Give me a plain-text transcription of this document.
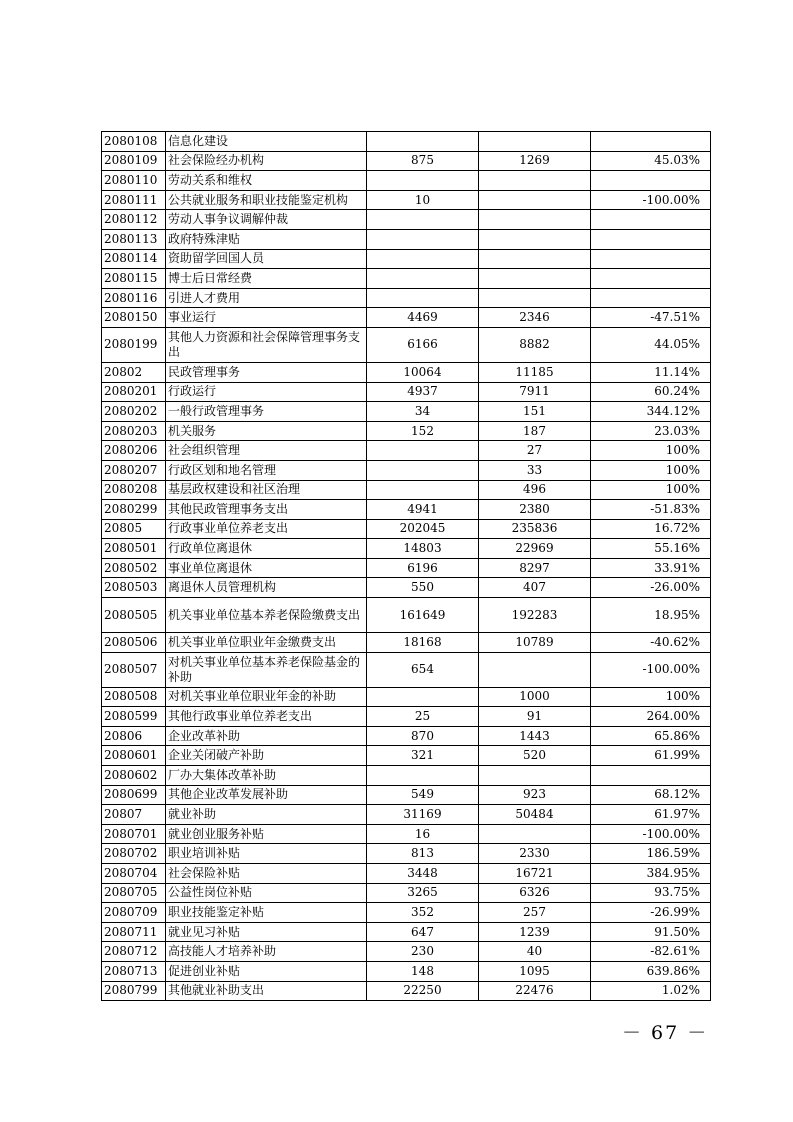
2080108	信息化建设			
2080109	社会保险经办机构	875	1269	45.03%
2080110	劳动关系和维权			
2080111	公共就业服务和职业技能鉴定机构	10		-100.00%
2080112	劳动人事争议调解仲裁			
2080113	政府特殊津贴			
2080114	资助留学回国人员			
2080115	博士后日常经费			
2080116	引进人才费用			
2080150	事业运行	4469	2346	-47.51%
2080199	其他人力资源和社会保障管理事务支出	6166	8882	44.05%
20802	民政管理事务	10064	11185	11.14%
2080201	行政运行	4937	7911	60.24%
2080202	一般行政管理事务	34	151	344.12%
2080203	机关服务	152	187	23.03%
2080206	社会组织管理		27	100%
2080207	行政区划和地名管理		33	100%
2080208	基层政权建设和社区治理		496	100%
2080299	其他民政管理事务支出	4941	2380	-51.83%
20805	行政事业单位养老支出	202045	235836	16.72%
2080501	行政单位离退休	14803	22969	55.16%
2080502	事业单位离退休	6196	8297	33.91%
2080503	离退休人员管理机构	550	407	-26.00%
2080505	机关事业单位基本养老保险缴费支出	161649	192283	18.95%
2080506	机关事业单位职业年金缴费支出	18168	10789	-40.62%
2080507	对机关事业单位基本养老保险基金的补助	654		-100.00%
2080508	对机关事业单位职业年金的补助		1000	100%
2080599	其他行政事业单位养老支出	25	91	264.00%
20806	企业改革补助	870	1443	65.86%
2080601	企业关闭破产补助	321	520	61.99%
2080602	厂办大集体改革补助			
2080699	其他企业改革发展补助	549	923	68.12%
20807	就业补助	31169	50484	61.97%
2080701	就业创业服务补贴	16		-100.00%
2080702	职业培训补贴	813	2330	186.59%
2080704	社会保险补贴	3448	16721	384.95%
2080705	公益性岗位补贴	3265	6326	93.75%
2080709	职业技能鉴定补贴	352	257	-26.99%
2080711	就业见习补贴	647	1239	91.50%
2080712	高技能人才培养补助	230	40	-82.61%
2080713	促进创业补贴	148	1095	639.86%
2080799	其他就业补助支出	22250	22476	1.02%
－ 67 －
